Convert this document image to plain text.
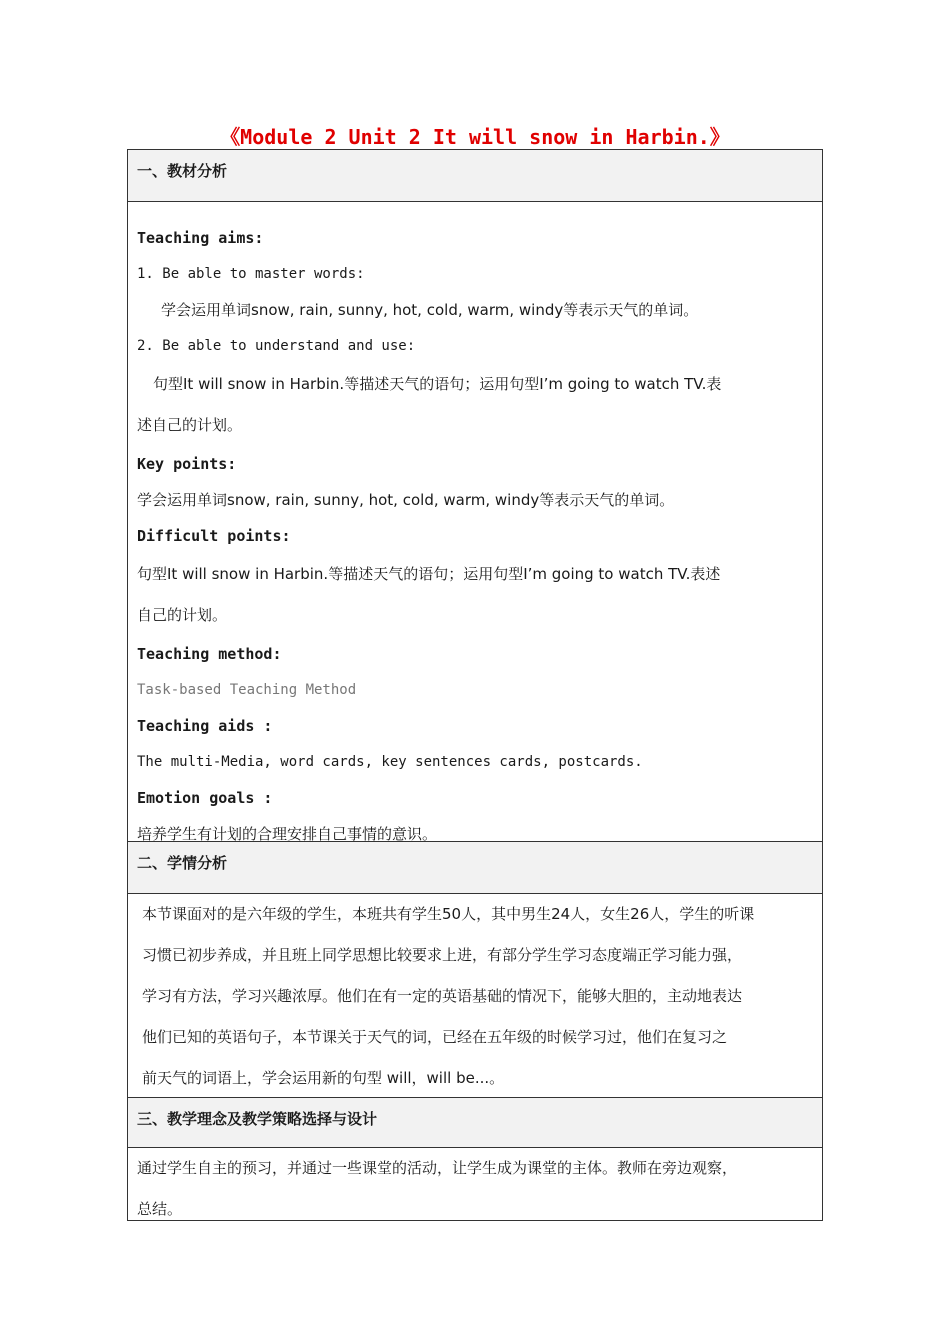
《Module 2 Unit 2 It will snow in Harbin.》
一、教材分析
Teaching aims:
1. Be able to master words:
学会运用单词snow, rain, sunny, hot, cold, warm, windy等表示天气的单词。
2. Be able to understand and use:
句型It will snow in Harbin.等描述天气的语句；运用句型I’m going to watch TV.表
述自己的计划。
Key points:
学会运用单词snow, rain, sunny, hot, cold, warm, windy等表示天气的单词。
Difficult points:
句型It will snow in Harbin.等描述天气的语句；运用句型I’m going to watch TV.表述
自己的计划。
Teaching method:
Task-based Teaching Method
Teaching aids :
The multi-Media, word cards, key sentences cards, postcards.
Emotion goals :
培养学生有计划的合理安排自己事情的意识。
二、学情分析
本节课面对的是六年级的学生，本班共有学生50人，其中男生24人，女生26人，学生的听课
习惯已初步养成，并且班上同学思想比较要求上进，有部分学生学习态度端正学习能力强，
学习有方法，学习兴趣浓厚。他们在有一定的英语基础的情况下，能够大胆的，主动地表达
他们已知的英语句子，本节课关于天气的词，已经在五年级的时候学习过，他们在复习之
前天气的词语上，学会运用新的句型 will，will be...。
三、教学理念及教学策略选择与设计
通过学生自主的预习，并通过一些课堂的活动，让学生成为课堂的主体。教师在旁边观察，
总结。
